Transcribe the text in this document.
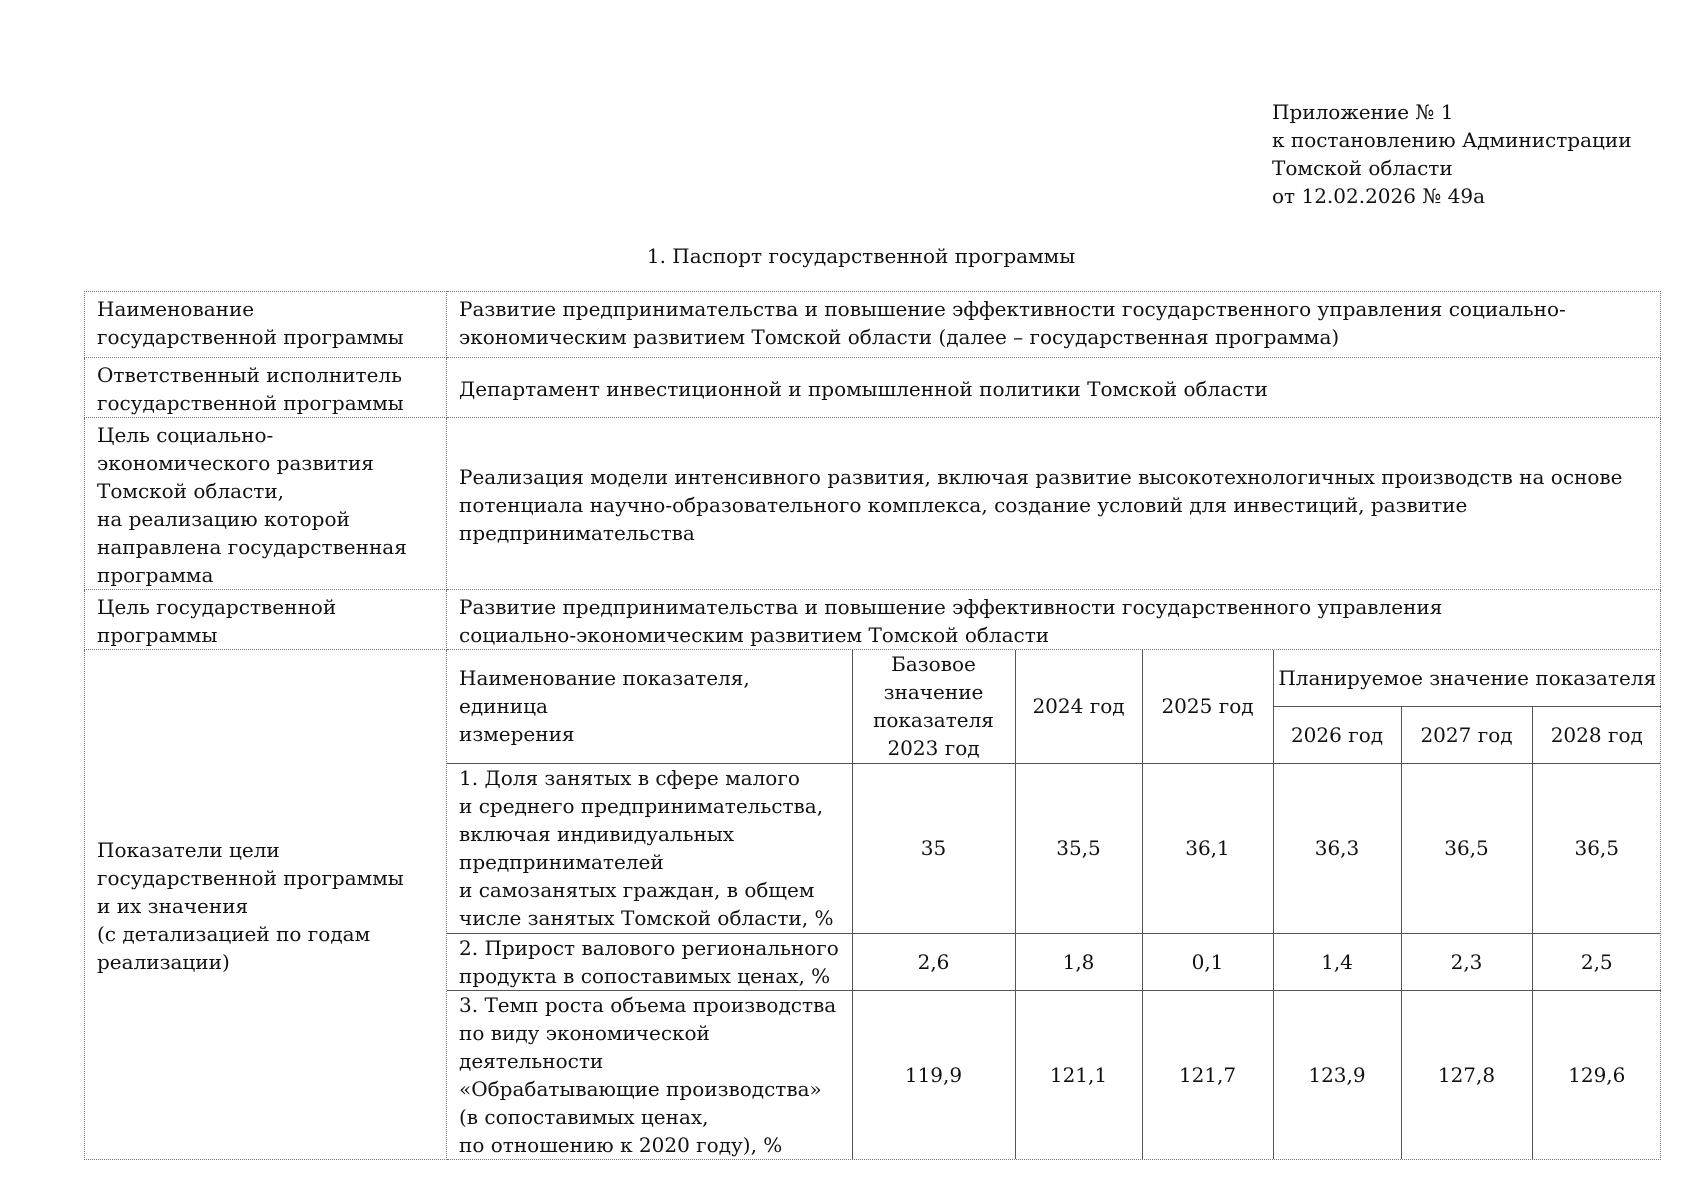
Приложение № 1
к постановлению Администрации
Томской области
от 12.02.2026 № 49а
1. Паспорт государственной программы
Наименование государственной программы	Развитие предпринимательства и повышение эффективности государственного управления социально-
экономическим развитием Томской области (далее – государственная программа)
Ответственный исполнитель государственной программы	Департамент инвестиционной и промышленной политики Томской области
Цель социально-
экономического развития
Томской области,
на реализацию которой
направлена государственная
программа	Реализация модели интенсивного развития, включая развитие высокотехнологичных производств на основе
потенциала научно-образовательного комплекса, создание условий для инвестиций, развитие
предпринимательства
Цель государственной программы	Развитие предпринимательства и повышение эффективности государственного управления
социально-экономическим развитием Томской области
Показатели цели
государственной программы
и их значения
(с детализацией по годам
реализации)	
Наименование показателя, единица
измерения	Базовое
значение
показателя
2023 год	2024 год	2025 год	Планируемое значение показателя
2026 год	2027 год	2028 год
1. Доля занятых в сфере малого
и среднего предпринимательства,
включая индивидуальных
предпринимателей
и самозанятых граждан, в общем
числе занятых Томской области, %	35	35,5	36,1	36,3	36,5	36,5
2. Прирост валового регионального
продукта в сопоставимых ценах, %	2,6	1,8	0,1	1,4	2,3	2,5
3. Темп роста объема производства
по виду экономической деятельности
«Обрабатывающие производства»
(в сопоставимых ценах,
по отношению к 2020 году), %	119,9	121,1	121,7	123,9	127,8	129,6
